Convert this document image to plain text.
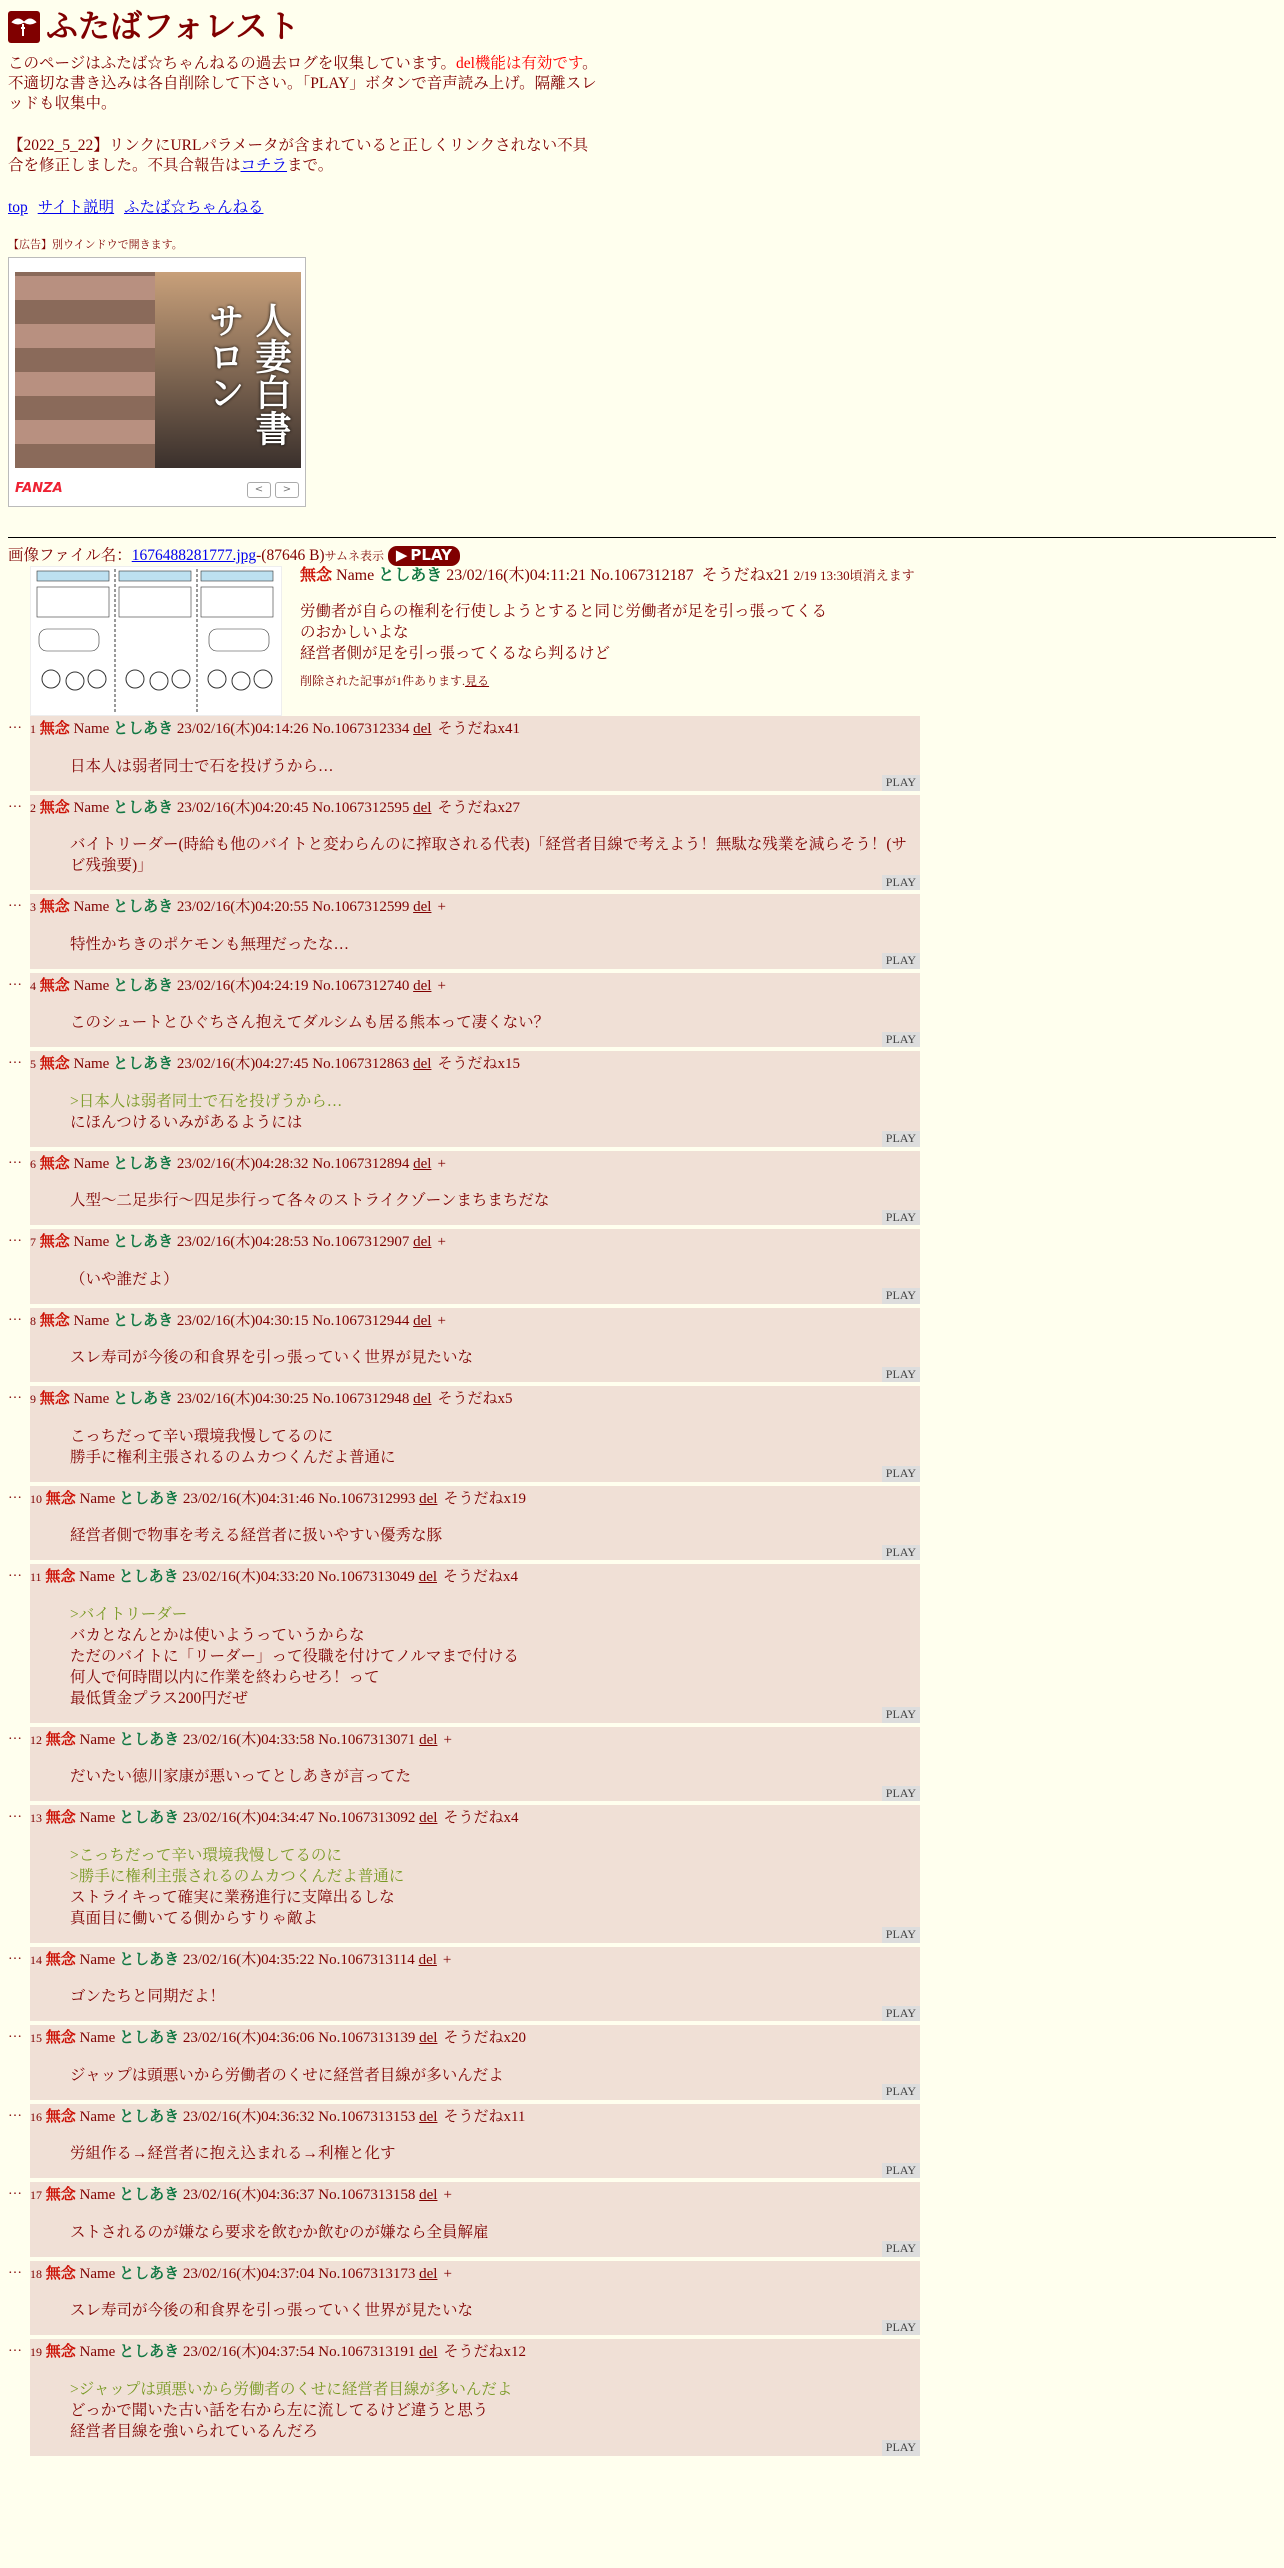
ふたばフォレスト
このページはふたば☆ちゃんねるの過去ログを収集しています。del機能は有効です。不適切な書き込みは各自削除して下さい。「PLAY」ボタンで音声読み上げ。隔離スレッドも収集中。
【2022_5_22】リンクにURLパラメータが含まれていると正しくリンクされない不具合を修正しました。不具合報告はコチラまで。
top サイト説明 ふたば☆ちゃんねる
【広告】別ウインドウで開きます。
人妻白書サロン
FANZA	<	>
画像ファイル名：1676488281777.jpg-(87646 B)サムネ表示 ▶ PLAY
無念 Name としあき 23/02/16(木)04:11:21 No.1067312187 そうだねx21 2/19 13:30頃消えます
労働者が自らの権利を行使しようとすると同じ労働者が足を引っ張ってくる
のおかしいよな
経営者側が足を引っ張ってくるなら判るけど
削除された記事が1件あります.見る
… 1 無念 Name としあき 23/02/16(木)04:14:26 No.1067312334 del そうだねx41
日本人は弱者同士で石を投げうから…
PLAY
… 2 無念 Name としあき 23/02/16(木)04:20:45 No.1067312595 del そうだねx27
バイトリーダー(時給も他のバイトと変わらんのに搾取される代表)「経営者目線で考えよう！無駄な残業を減らそう！(サビ残強要)」
PLAY
… 3 無念 Name としあき 23/02/16(木)04:20:55 No.1067312599 del +
特性かちきのポケモンも無理だったな…
PLAY
… 4 無念 Name としあき 23/02/16(木)04:24:19 No.1067312740 del +
このシュートとひぐちさん抱えてダルシムも居る熊本って凄くない？
PLAY
… 5 無念 Name としあき 23/02/16(木)04:27:45 No.1067312863 del そうだねx15
>日本人は弱者同士で石を投げうから…
にほんつけるいみがあるようには
PLAY
… 6 無念 Name としあき 23/02/16(木)04:28:32 No.1067312894 del +
人型〜二足歩行〜四足歩行って各々のストライクゾーンまちまちだな
PLAY
… 7 無念 Name としあき 23/02/16(木)04:28:53 No.1067312907 del +
（いや誰だよ）
PLAY
… 8 無念 Name としあき 23/02/16(木)04:30:15 No.1067312944 del +
スレ寿司が今後の和食界を引っ張っていく世界が見たいな
PLAY
… 9 無念 Name としあき 23/02/16(木)04:30:25 No.1067312948 del そうだねx5
こっちだって辛い環境我慢してるのに
勝手に権利主張されるのムカつくんだよ普通に
PLAY
… 10 無念 Name としあき 23/02/16(木)04:31:46 No.1067312993 del そうだねx19
経営者側で物事を考える経営者に扱いやすい優秀な豚
PLAY
… 11 無念 Name としあき 23/02/16(木)04:33:20 No.1067313049 del そうだねx4
>バイトリーダー
バカとなんとかは使いようっていうからな
ただのバイトに「リーダー」って役職を付けてノルマまで付ける
何人で何時間以内に作業を終わらせろ！って
最低賃金プラス200円だぜ
PLAY
… 12 無念 Name としあき 23/02/16(木)04:33:58 No.1067313071 del +
だいたい徳川家康が悪いってとしあきが言ってた
PLAY
… 13 無念 Name としあき 23/02/16(木)04:34:47 No.1067313092 del そうだねx4
>こっちだって辛い環境我慢してるのに
>勝手に権利主張されるのムカつくんだよ普通に
ストライキって確実に業務進行に支障出るしな
真面目に働いてる側からすりゃ敵よ
PLAY
… 14 無念 Name としあき 23/02/16(木)04:35:22 No.1067313114 del +
ゴンたちと同期だよ！
PLAY
… 15 無念 Name としあき 23/02/16(木)04:36:06 No.1067313139 del そうだねx20
ジャップは頭悪いから労働者のくせに経営者目線が多いんだよ
PLAY
… 16 無念 Name としあき 23/02/16(木)04:36:32 No.1067313153 del そうだねx11
労組作る→経営者に抱え込まれる→利権と化す
PLAY
… 17 無念 Name としあき 23/02/16(木)04:36:37 No.1067313158 del +
ストされるのが嫌なら要求を飲むか飲むのが嫌なら全員解雇
PLAY
… 18 無念 Name としあき 23/02/16(木)04:37:04 No.1067313173 del +
スレ寿司が今後の和食界を引っ張っていく世界が見たいな
PLAY
… 19 無念 Name としあき 23/02/16(木)04:37:54 No.1067313191 del そうだねx12
>ジャップは頭悪いから労働者のくせに経営者目線が多いんだよ
どっかで聞いた古い話を右から左に流してるけど違うと思う
経営者目線を強いられているんだろ
PLAY
